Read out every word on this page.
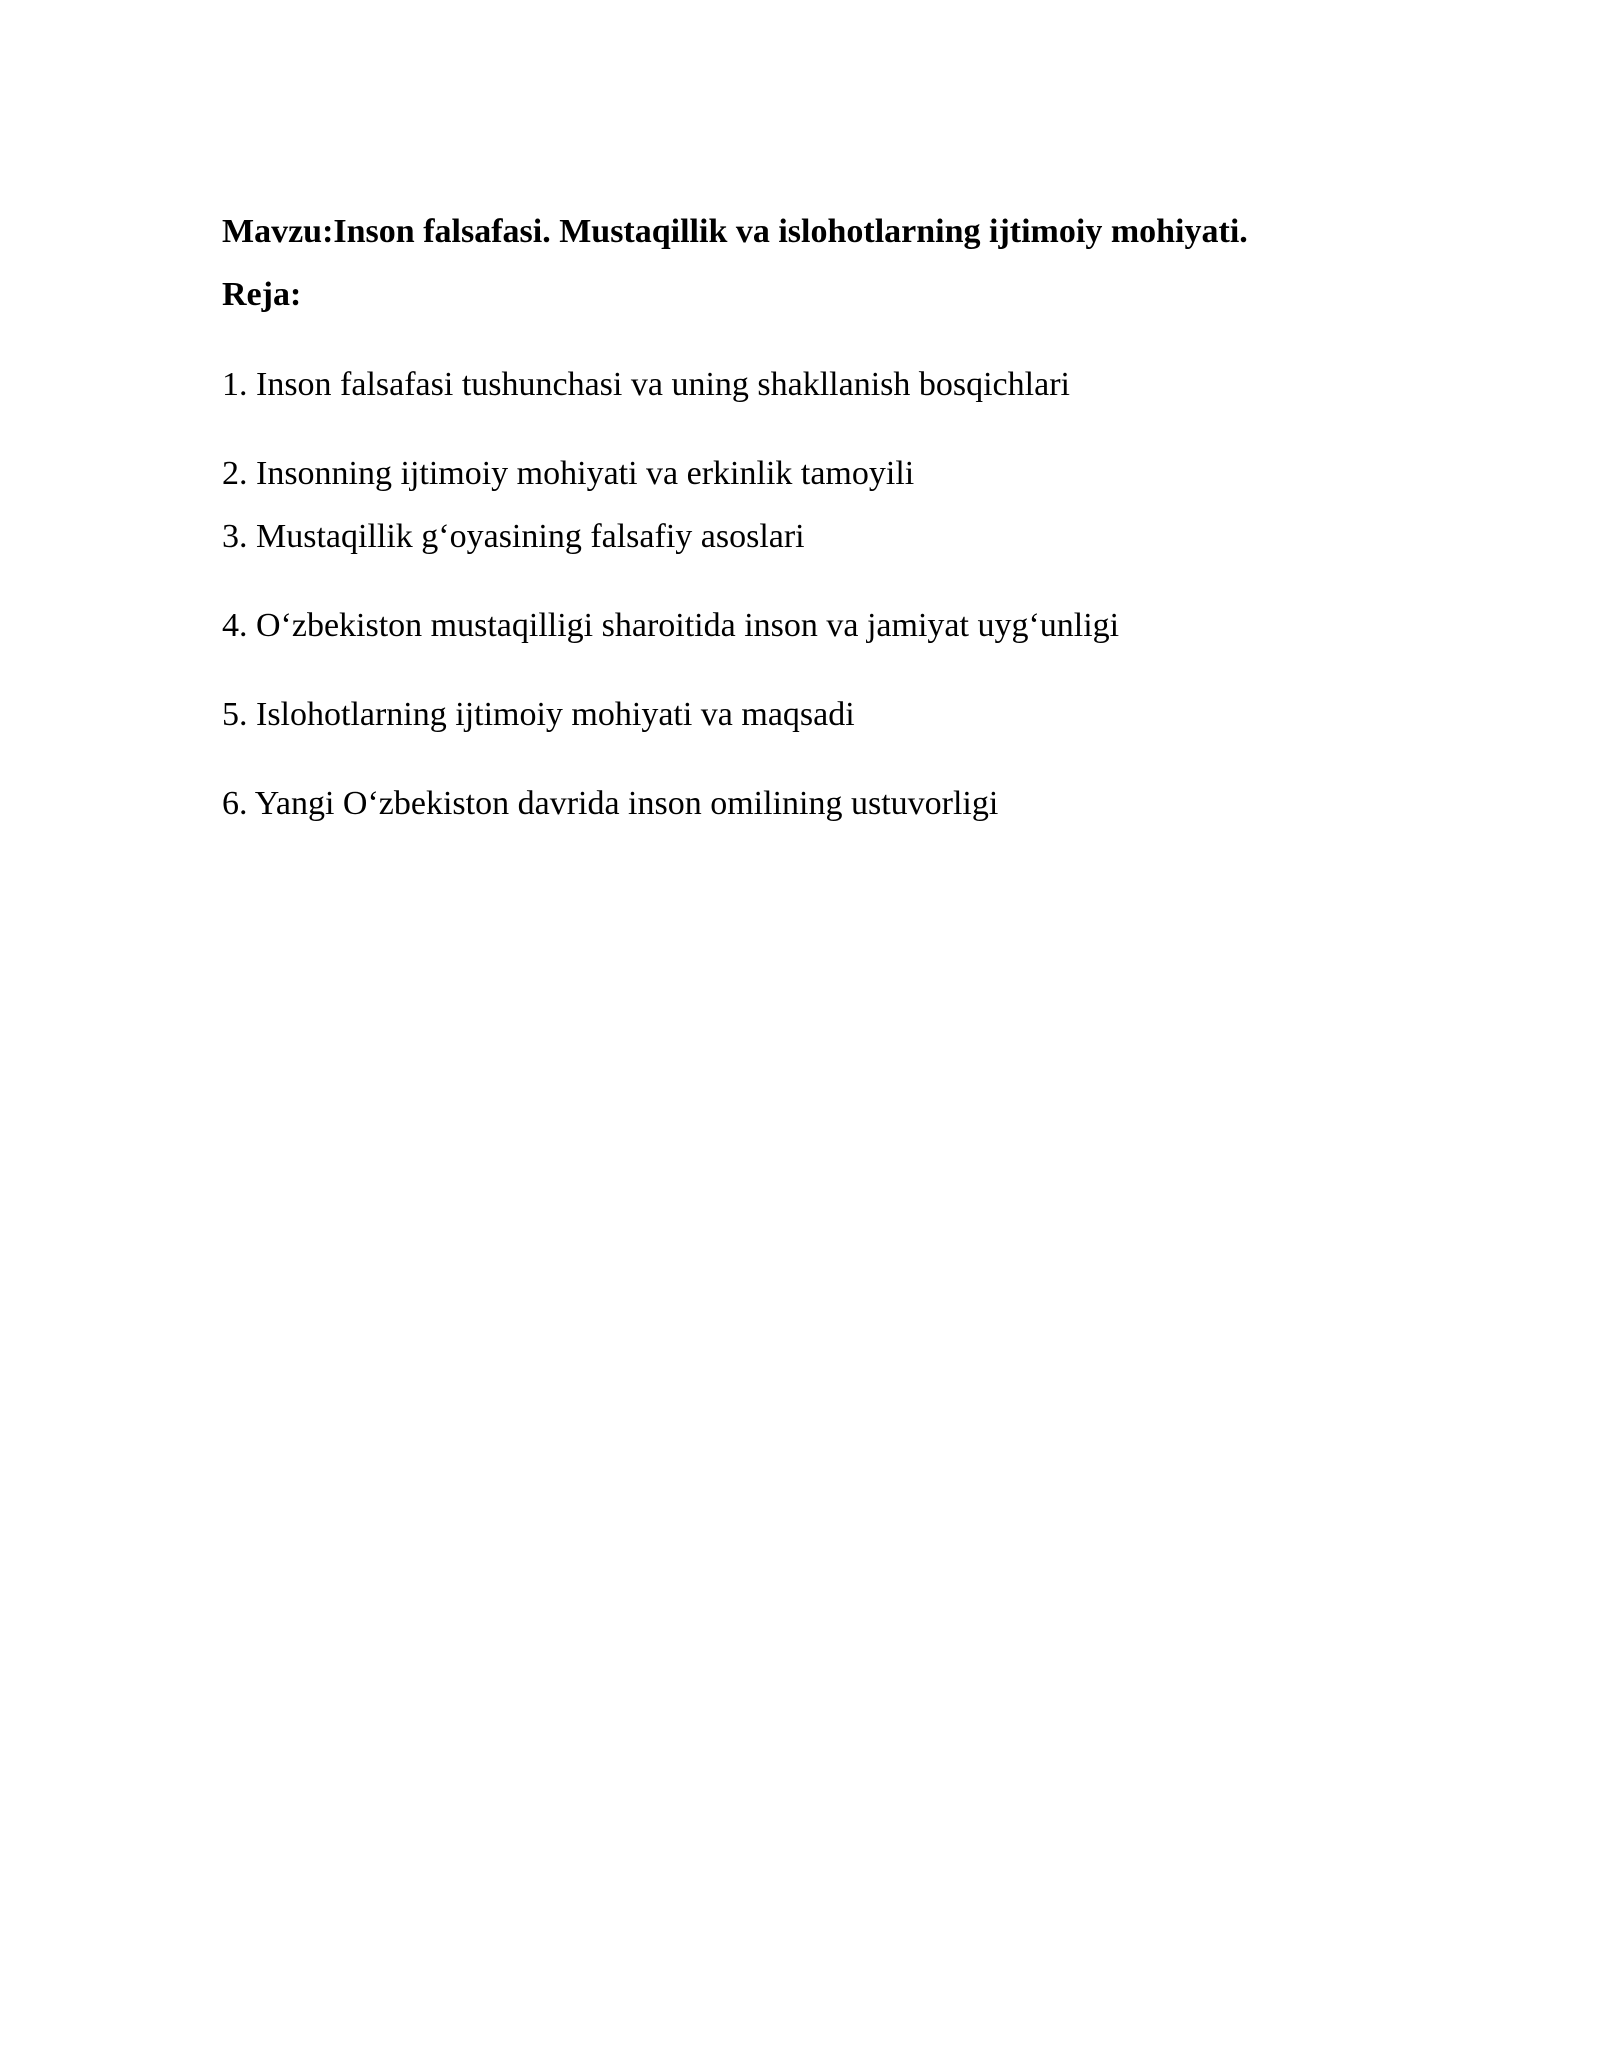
Mavzu:Inson falsafasi. Mustaqillik va islohotlarning ijtimoiy mohiyati.
Reja:
1. Inson falsafasi tushunchasi va uning shakllanish bosqichlari
2. Insonning ijtimoiy mohiyati va erkinlik tamoyili
3. Mustaqillik g‘oyasining falsafiy asoslari
4. O‘zbekiston mustaqilligi sharoitida inson va jamiyat uyg‘unligi
5. Islohotlarning ijtimoiy mohiyati va maqsadi
6. Yangi O‘zbekiston davrida inson omilining ustuvorligi
